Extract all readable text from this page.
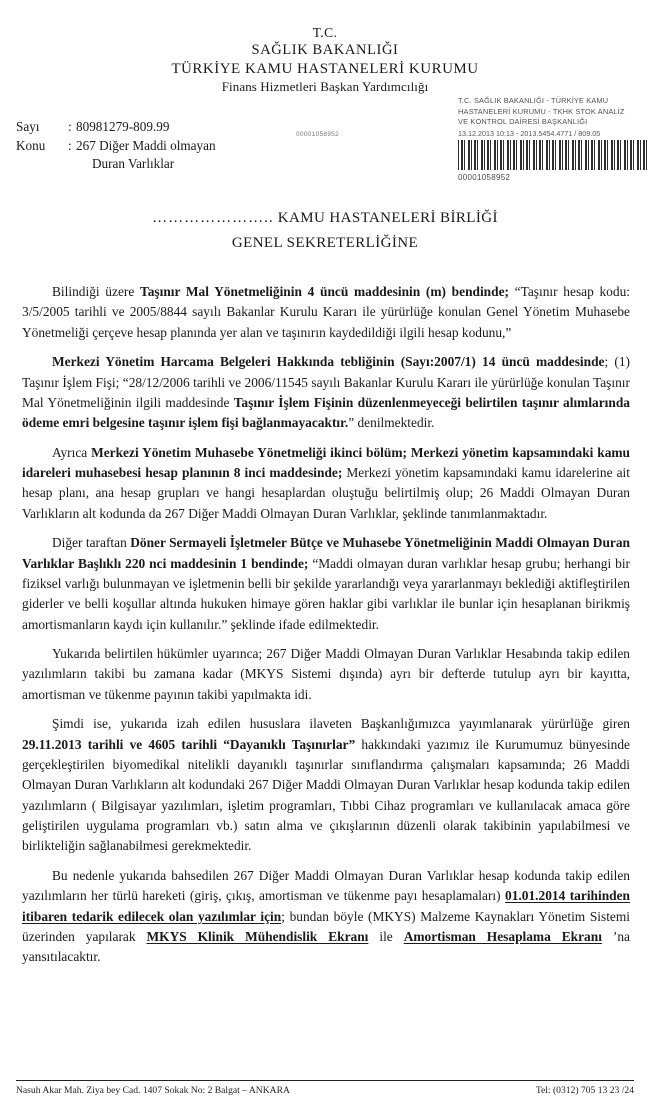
T.C.
SAĞLIK BAKANLIĞI
TÜRKİYE KAMU HASTANELERİ KURUMU
Finans Hizmetleri Başkan Yardımcılığı
Sayı	: 80981279-809.99
Konu	: 267 Diğer Maddi olmayan
Duran Varlıklar
T.C. SAĞLIK BAKANLIĞI - TÜRKİYE KAMU
HASTANELERİ KURUMU - TKHK STOK ANALİZ
VE KONTROL DAİRESİ BAŞKANLIĞI
13.12.2013 10:13 - 2013.5454.4771 / 809.05
00001058952
00001058952
………………….. KAMU HASTANELERİ BİRLİĞİ
GENEL SEKRETERLİĞİNE

Bilindiği üzere Taşınır Mal Yönetmeliğinin 4 üncü maddesinin (m) bendinde; “Taşınır hesap kodu: 3/5/2005 tarihli ve 2005/8844 sayılı Bakanlar Kurulu Kararı ile yürürlüğe konulan Genel Yönetim Muhasebe Yönetmeliği çerçeve hesap planında yer alan ve taşınırın kaydedildiği ilgili hesap kodunu,”

Merkezi Yönetim Harcama Belgeleri Hakkında tebliğinin (Sayı:2007/1) 14 üncü maddesinde; (1) Taşınır İşlem Fişi; “28/12/2006 tarihli ve 2006/11545 sayılı Bakanlar Kurulu Kararı ile yürürlüğe konulan Taşınır Mal Yönetmeliğinin ilgili maddesinde Taşınır İşlem Fişinin düzenlenmeyeceği belirtilen taşınır alımlarında ödeme emri belgesine taşınır işlem fişi bağlanmayacaktır.” denilmektedir.

Ayrıca Merkezi Yönetim Muhasebe Yönetmeliği ikinci bölüm; Merkezi yönetim kapsamındaki kamu idareleri muhasebesi hesap planının 8 inci maddesinde; Merkezi yönetim kapsamındaki kamu idarelerine ait hesap planı, ana hesap grupları ve hangi hesaplardan oluştuğu belirtilmiş olup; 26 Maddi Olmayan Duran Varlıkların alt kodunda da 267 Diğer Maddi Olmayan Duran Varlıklar, şeklinde tanımlanmaktadır.

Diğer taraftan Döner Sermayeli İşletmeler Bütçe ve Muhasebe Yönetmeliğinin Maddi Olmayan Duran Varlıklar Başlıklı 220 nci maddesinin 1 bendinde; “Maddi olmayan duran varlıklar hesap grubu; herhangi bir fiziksel varlığı bulunmayan ve işletmenin belli bir şekilde yararlandığı veya yararlanmayı beklediği aktifleştirilen giderler ve belli koşullar altında hukuken himaye gören haklar gibi varlıklar ile bunlar için hesaplanan birikmiş amortismanların kaydı için kullanılır.” şeklinde ifade edilmektedir.

Yukarıda belirtilen hükümler uyarınca; 267 Diğer Maddi Olmayan Duran Varlıklar Hesabında takip edilen yazılımların takibi bu zamana kadar (MKYS Sistemi dışında) ayrı bir defterde tutulup ayrı bir kayıtta, amortisman ve tükenme payının takibi yapılmakta idi.

Şimdi ise, yukarıda izah edilen hususlara ilaveten Başkanlığımızca yayımlanarak yürürlüğe giren 29.11.2013 tarihli ve 4605 tarihli “Dayanıklı Taşınırlar” hakkındaki yazımız ile Kurumumuz bünyesinde gerçekleştirilen biyomedikal nitelikli dayanıklı taşınırlar sınıflandırma çalışmaları kapsamında; 26 Maddi Olmayan Duran Varlıkların alt kodundaki 267 Diğer Maddi Olmayan Duran Varlıklar hesap kodunda takip edilen yazılımların ( Bilgisayar yazılımları, işletim programları, Tıbbi Cihaz programları ve kullanılacak amaca göre geliştirilen uygulama programları vb.) satın alma ve çıkışlarının düzenli olarak takibinin yapılabilmesi ve birlikteliğin sağlanabilmesi gerekmektedir.

Bu nedenle yukarıda bahsedilen 267 Diğer Maddi Olmayan Duran Varlıklar hesap kodunda takip edilen yazılımların her türlü hareketi (giriş, çıkış, amortisman ve tükenme payı hesaplamaları) 01.01.2014 tarihinden itibaren tedarik edilecek olan yazılımlar için; bundan böyle (MKYS) Malzeme Kaynakları Yönetim Sistemi üzerinden yapılarak MKYS Klinik Mühendislik Ekranı ile Amortisman Hesaplama Ekranı ’na yansıtılacaktır.

Nasuh Akar Mah. Ziya bey Cad. 1407 Sokak No: 2 Balgat – ANKARA	Tel: (0312) 705 13 23 /24
